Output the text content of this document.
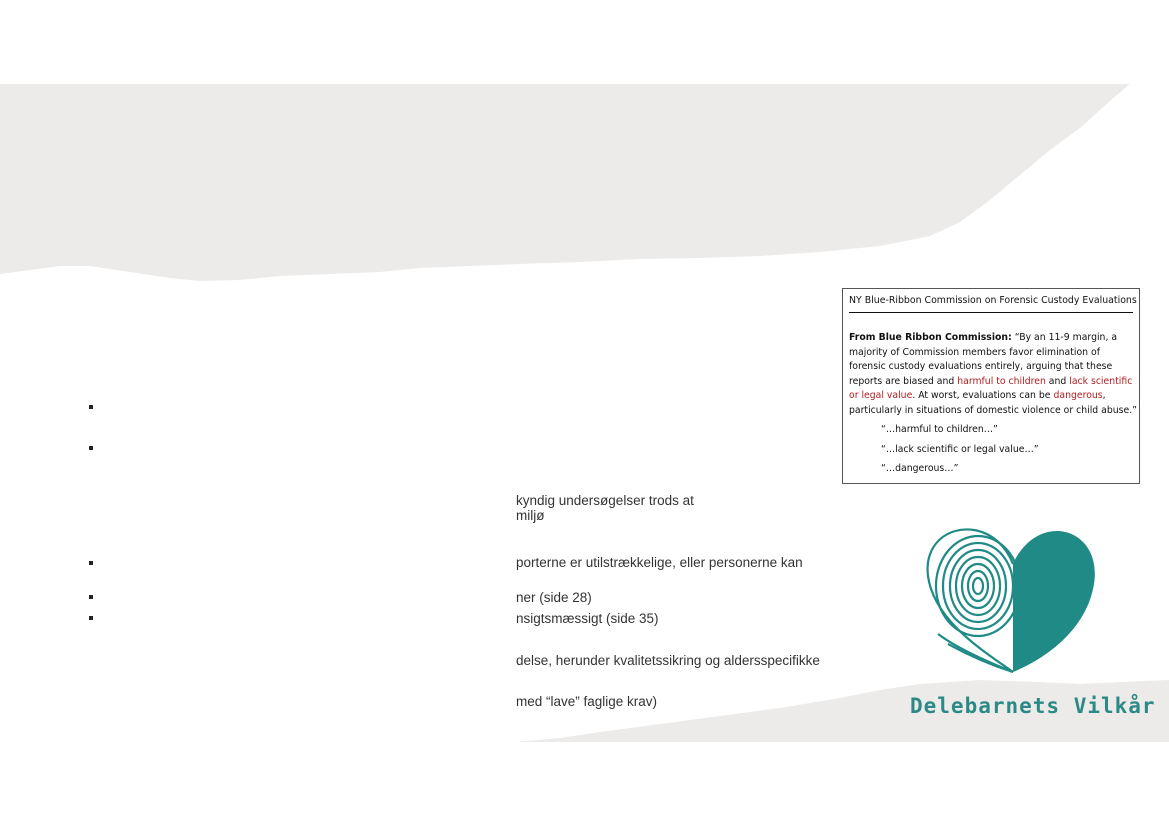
kyndig undersøgelser trods at
miljø
porterne er utilstrækkelige, eller personerne kan
ner (side 28)
nsigtsmæssigt (side 35)
delse, herunder kvalitetssikring og aldersspecifikke
med “lave” faglige krav)
NY Blue-Ribbon Commission on Forensic Custody Evaluations
From Blue Ribbon Commission: “By an 11-9 margin, a majority of Commission members favor elimination of forensic custody evaluations entirely, arguing that these reports are biased and harmful to children and lack scientific or legal value. At worst, evaluations can be dangerous, particularly in situations of domestic violence or child abuse.”
“…harmful to children…”
“…lack scientific or legal value…”
“…dangerous…”
Delebarnets Vilkår
